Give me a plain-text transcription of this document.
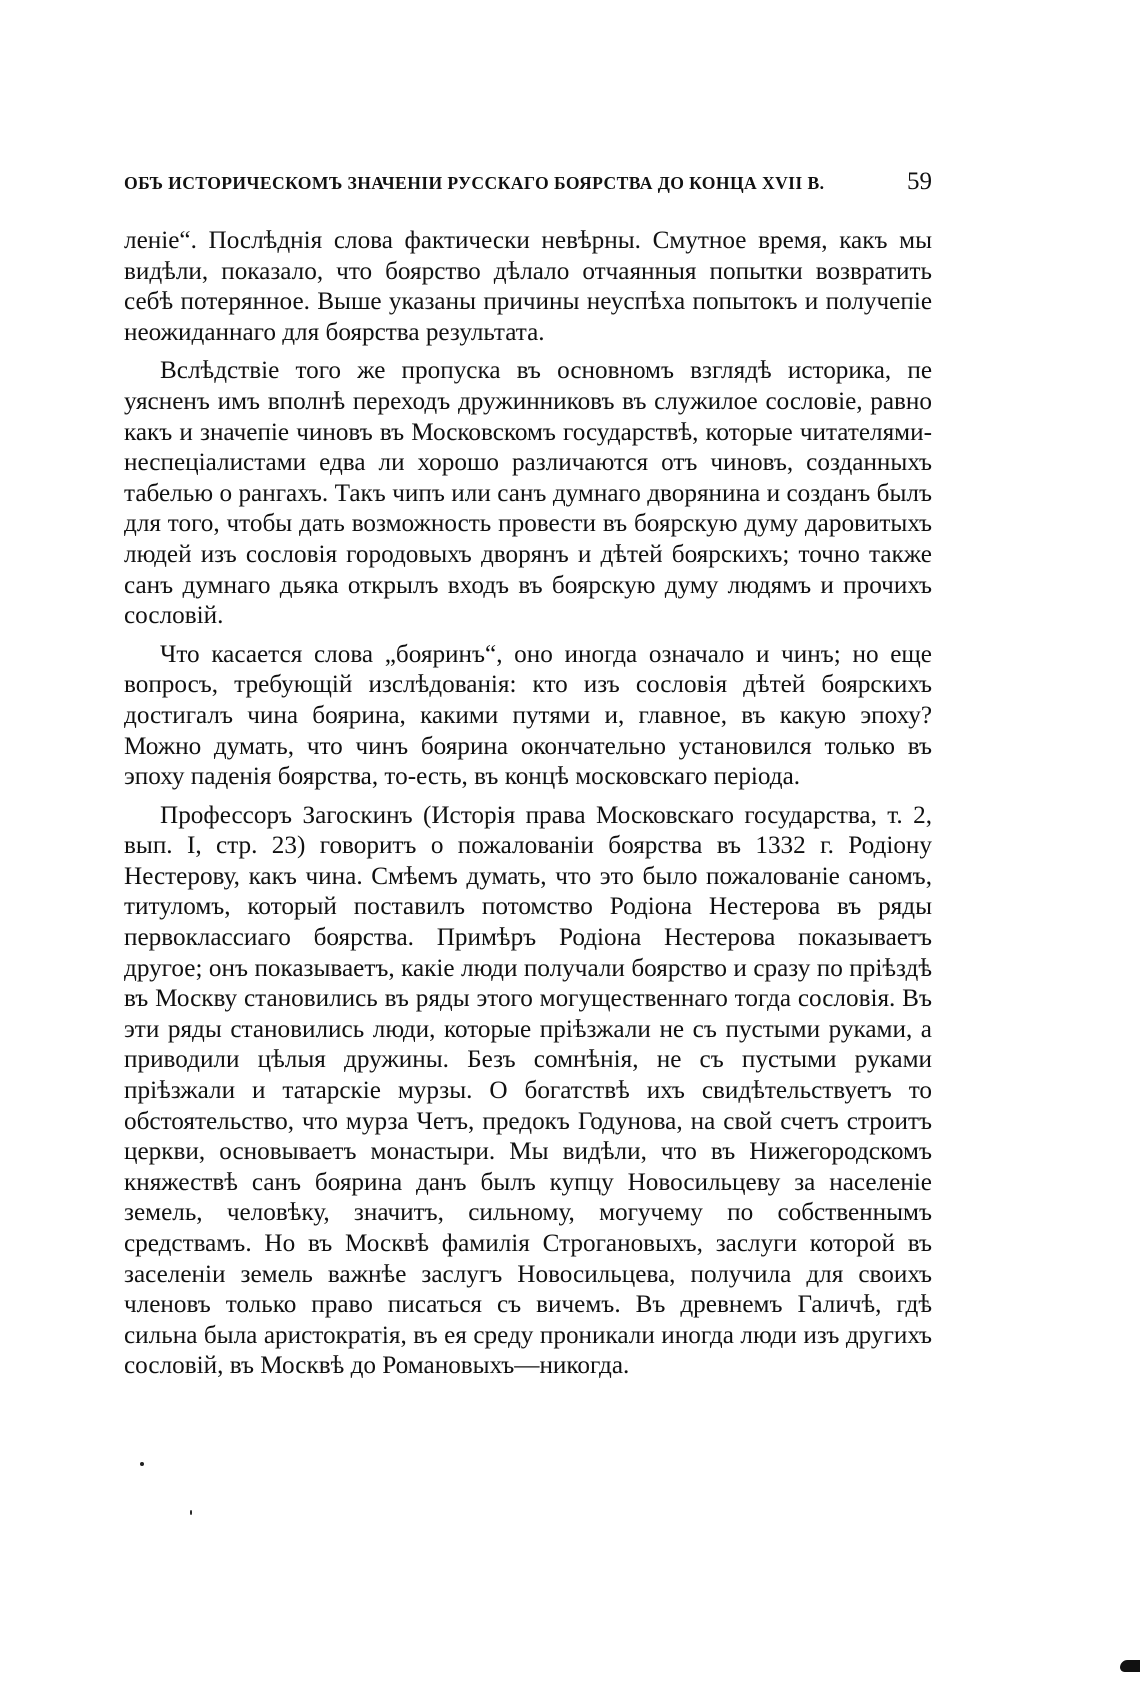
ОБЪ ИСТОРИЧЕСКОМЪ ЗНАЧЕНІИ РУССКАГО БОЯРСТВА ДО КОНЦА XVII В.	59

леніе“. Послѣднія слова фактически невѣрны. Смутное время, какъ мы видѣли, показало, что боярство дѣлало отчаянныя попытки возвратить себѣ потерянное. Выше указаны причины неуспѣха попытокъ и получепіе неожиданнаго для боярства результата.

Вслѣдствіе того же пропуска въ основномъ взглядѣ историка, пе уясненъ имъ вполнѣ переходъ дружинниковъ въ служилое сословіе, равно какъ и значепіе чиновъ въ Московскомъ государствѣ, которые читателями-неспеціалистами едва ли хорошо различаются отъ чиновъ, созданныхъ табелью о рангахъ. Такъ чипъ или санъ думнаго дворянина и созданъ былъ для того, чтобы дать возможность провести въ боярскую думу даровитыхъ людей изъ сословія городовыхъ дворянъ и дѣтей боярскихъ; точно также санъ думнаго дьяка открылъ входъ въ боярскую думу людямъ и прочихъ сословій.

Что касается слова „бояринъ“, оно иногда означало и чинъ; но еще вопросъ, требующій изслѣдованія: кто изъ сословія дѣтей боярскихъ достигалъ чина боярина, какими путями и, главное, въ какую эпоху? Можно думать, что чинъ боярина окончательно установился только въ эпоху паденія боярства, то-есть, въ концѣ московскаго періода.

Профессоръ Загоскинъ (Исторія права Московскаго государства, т. 2, вып. I, стр. 23) говоритъ о пожалованіи боярства въ 1332 г. Родіону Нестерову, какъ чина. Смѣемъ думать, что это было пожалованіе саномъ, титуломъ, который поставилъ потомство Родіона Нестерова въ ряды первоклассиаго боярства. Примѣръ Родіона Нестерова показываетъ другое; онъ показываетъ, какіе люди получали боярство и сразу по пріѣздѣ въ Москву становились въ ряды этого могущественнаго тогда сословія. Въ эти ряды становились люди, которые пріѣзжали не съ пустыми руками, а приводили цѣлыя дружины. Безъ сомнѣнія, не съ пустыми руками пріѣзжали и татарскіе мурзы. О богатствѣ ихъ свидѣтельствуетъ то обстоятельство, что мурза Четъ, предокъ Годунова, на свой счетъ строитъ церкви, основываетъ монастыри. Мы видѣли, что въ Нижегородскомъ княжествѣ санъ боярина данъ былъ купцу Новосильцеву за населеніе земель, человѣку, значитъ, сильному, могучему по собственнымъ средствамъ. Но въ Москвѣ фамилія Строгановыхъ, заслуги которой въ заселеніи земель важнѣе заслугъ Новосильцева, получила для своихъ членовъ только право писаться съ вичемъ. Въ древнемъ Галичѣ, гдѣ сильна была аристократія, въ ея среду проникали иногда люди изъ другихъ сословій, въ Москвѣ до Романовыхъ—никогда.
